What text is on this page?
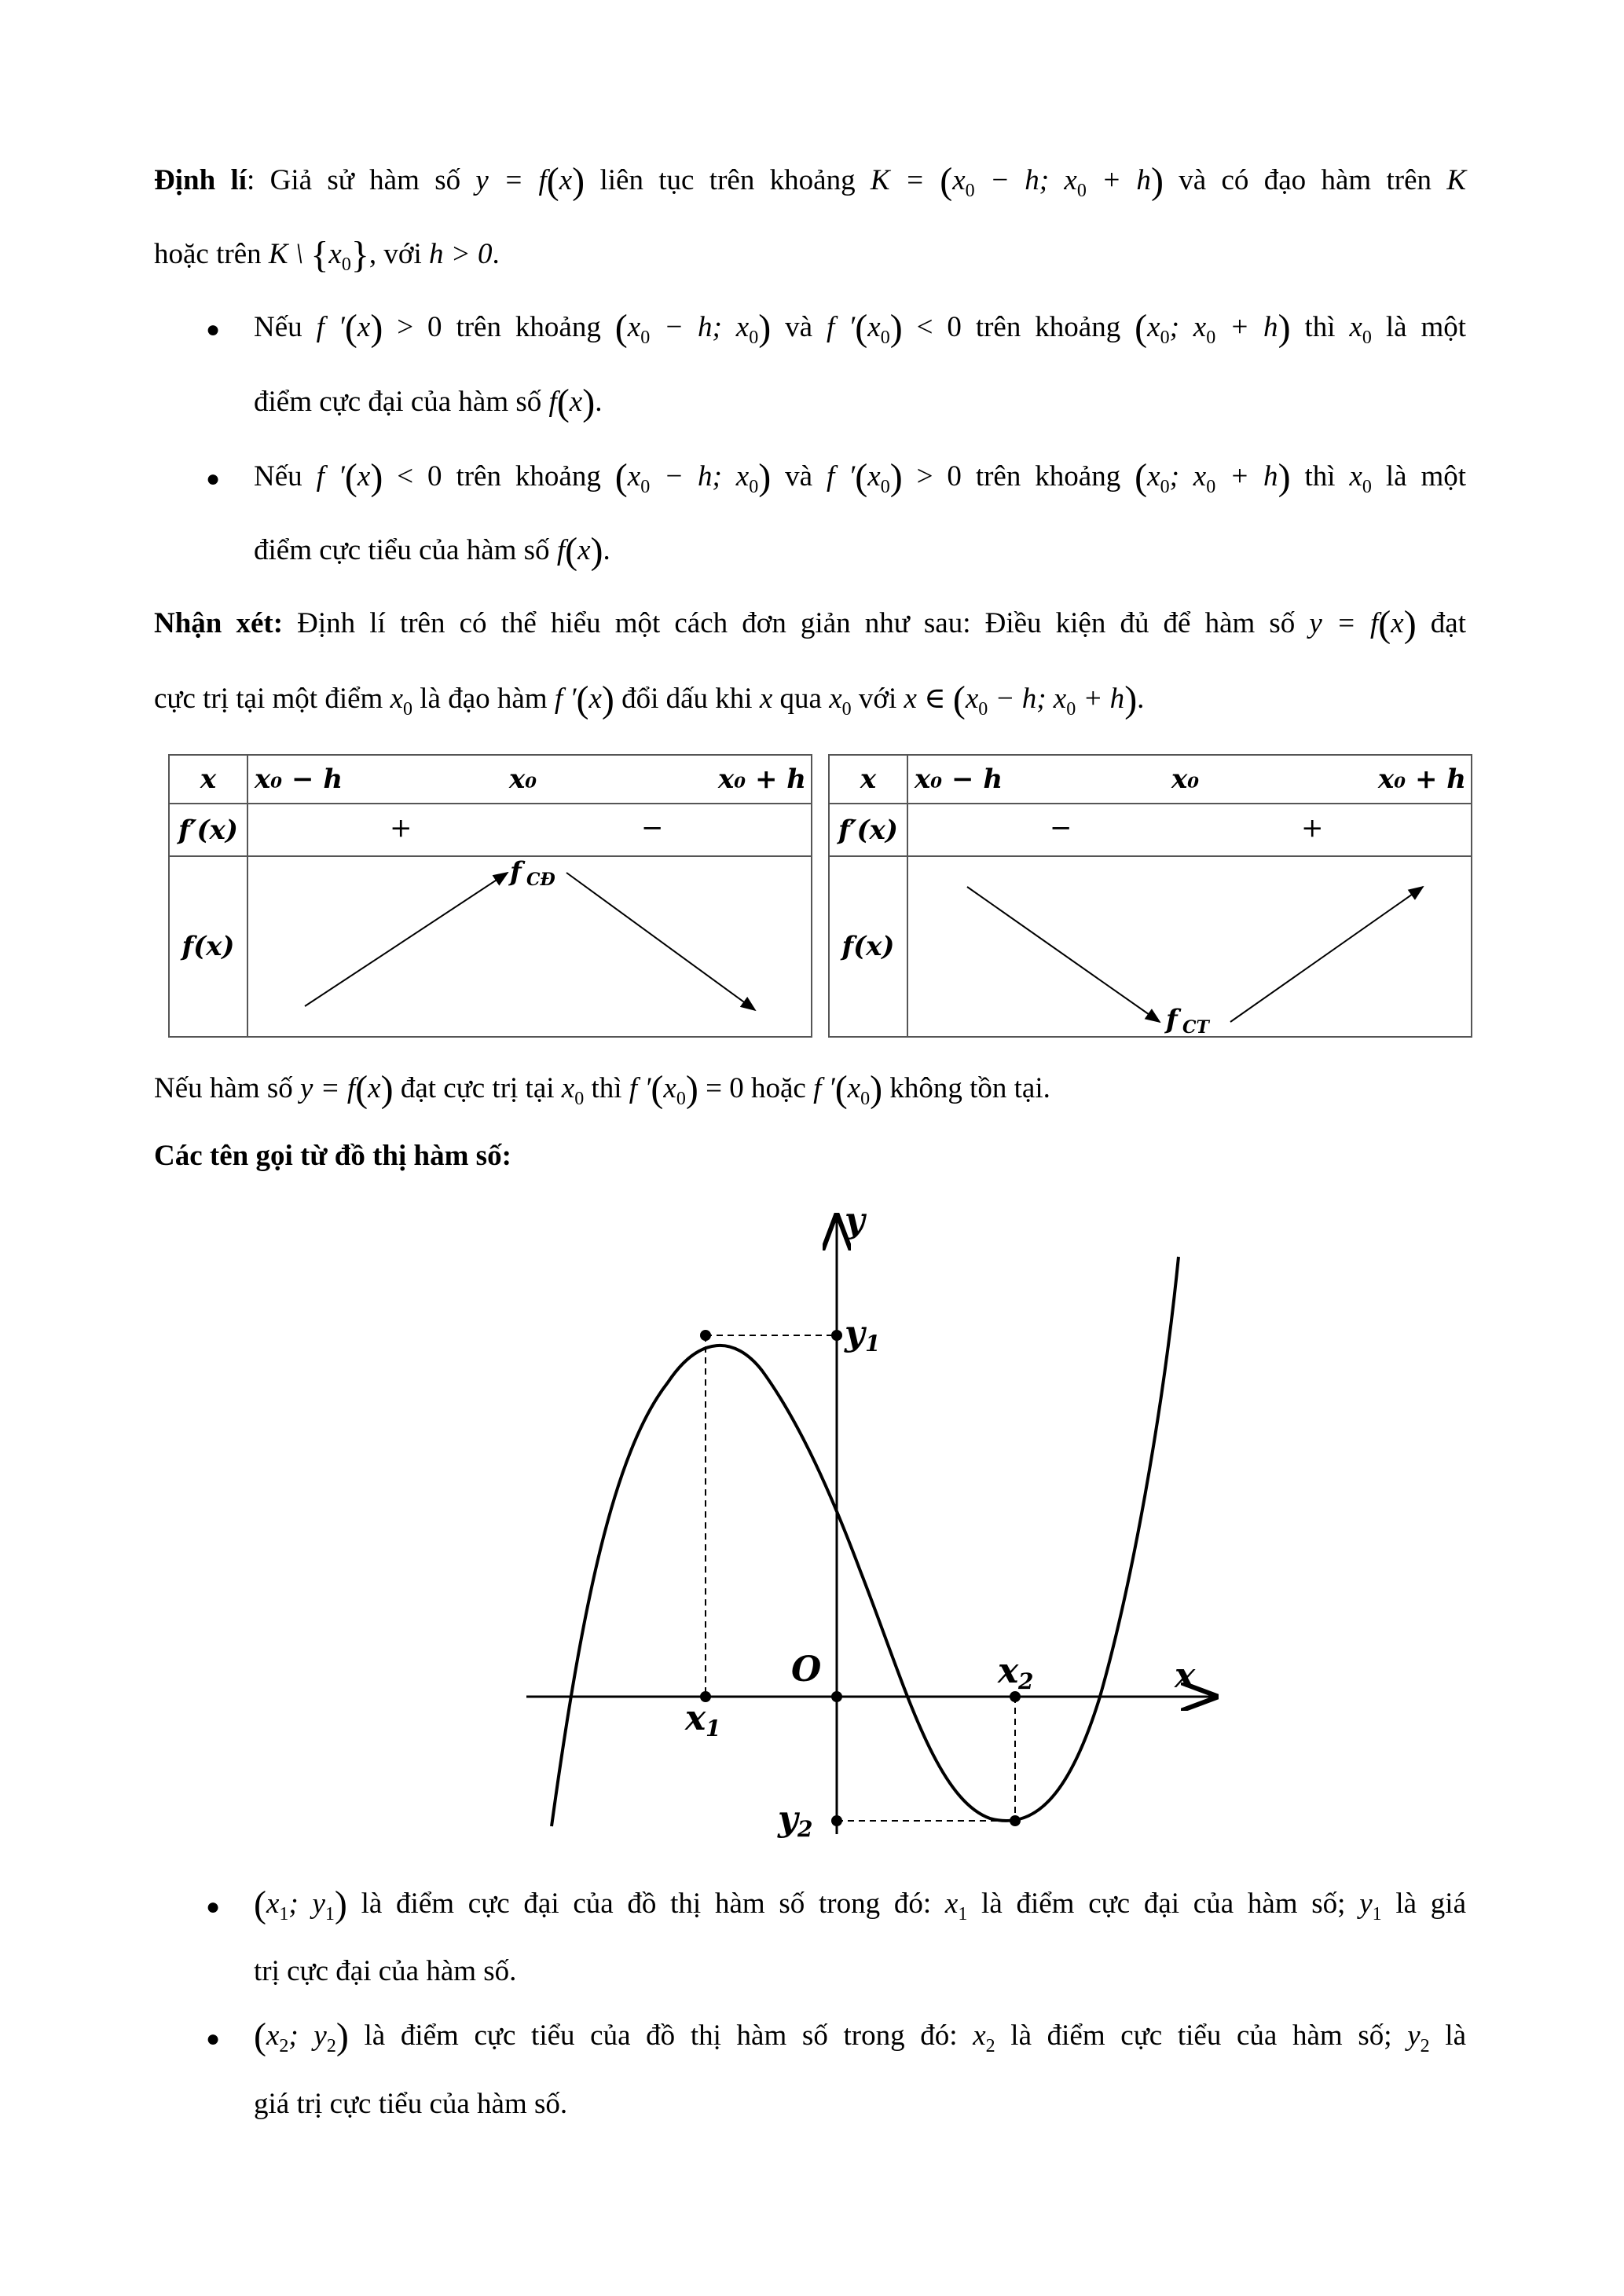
Định lí: Giả sử hàm số y = f(x) liên tục trên khoảng $K = (x_0 - h$; $x_0 + h$) và có đạo hàm trên K
hoặc trên K \ $\{x_0\}$, với h > 0.
● Nếu f ′(x) > 0 trên khoảng ($x_0 - h$; $x_0$) và f $'(x_0) < 0$ trên khoảng ($x_0$; $x_0 + h$) thì $x_0$ là một
điểm cực đại của hàm số f(x).
● Nếu f ′(x) < 0 trên khoảng ($x_0 - h$; $x_0$) và f $'(x_0) > 0$ trên khoảng ($x_0$; $x_0 + h$) thì $x_0$ là một
điểm cực tiểu của hàm số f(x).
Nhận xét: Định lí trên có thể hiểu một cách đơn giản như sau: Điều kiện đủ để hàm số y = f(x) đạt
cực trị tại một điểm $x_0$ là đạo hàm f ′(x) đổi dấu khi x qua $x_0$ với x ∈ ($x_0 - h$; $x_0 + h$).
x	x₀ − h x₀ x₀ + h

f′(x)	+ −

f(x)	f CĐ
x	x₀ − h x₀ x₀ + h

f′(x)	− +

f(x)	f CT
Nếu hàm số y = f(x) đạt cực trị tại $x_0$ thì f $'(x_0) = 0$ hoặc f $'(x_0)$ không tồn tại.
Các tên gọi từ đồ thị hàm số:
y
x
O
y 1
y 2
x 1
x 2
● ($x_1$; $y_1$) là điểm cực đại của đồ thị hàm số trong đó: $x_1$ là điểm cực đại của hàm số; $y_1$ là giá
trị cực đại của hàm số.
● ($x_2$; $y_2$) là điểm cực tiểu của đồ thị hàm số trong đó: $x_2$ là điểm cực tiểu của hàm số; $y_2$ là
giá trị cực tiểu của hàm số.
